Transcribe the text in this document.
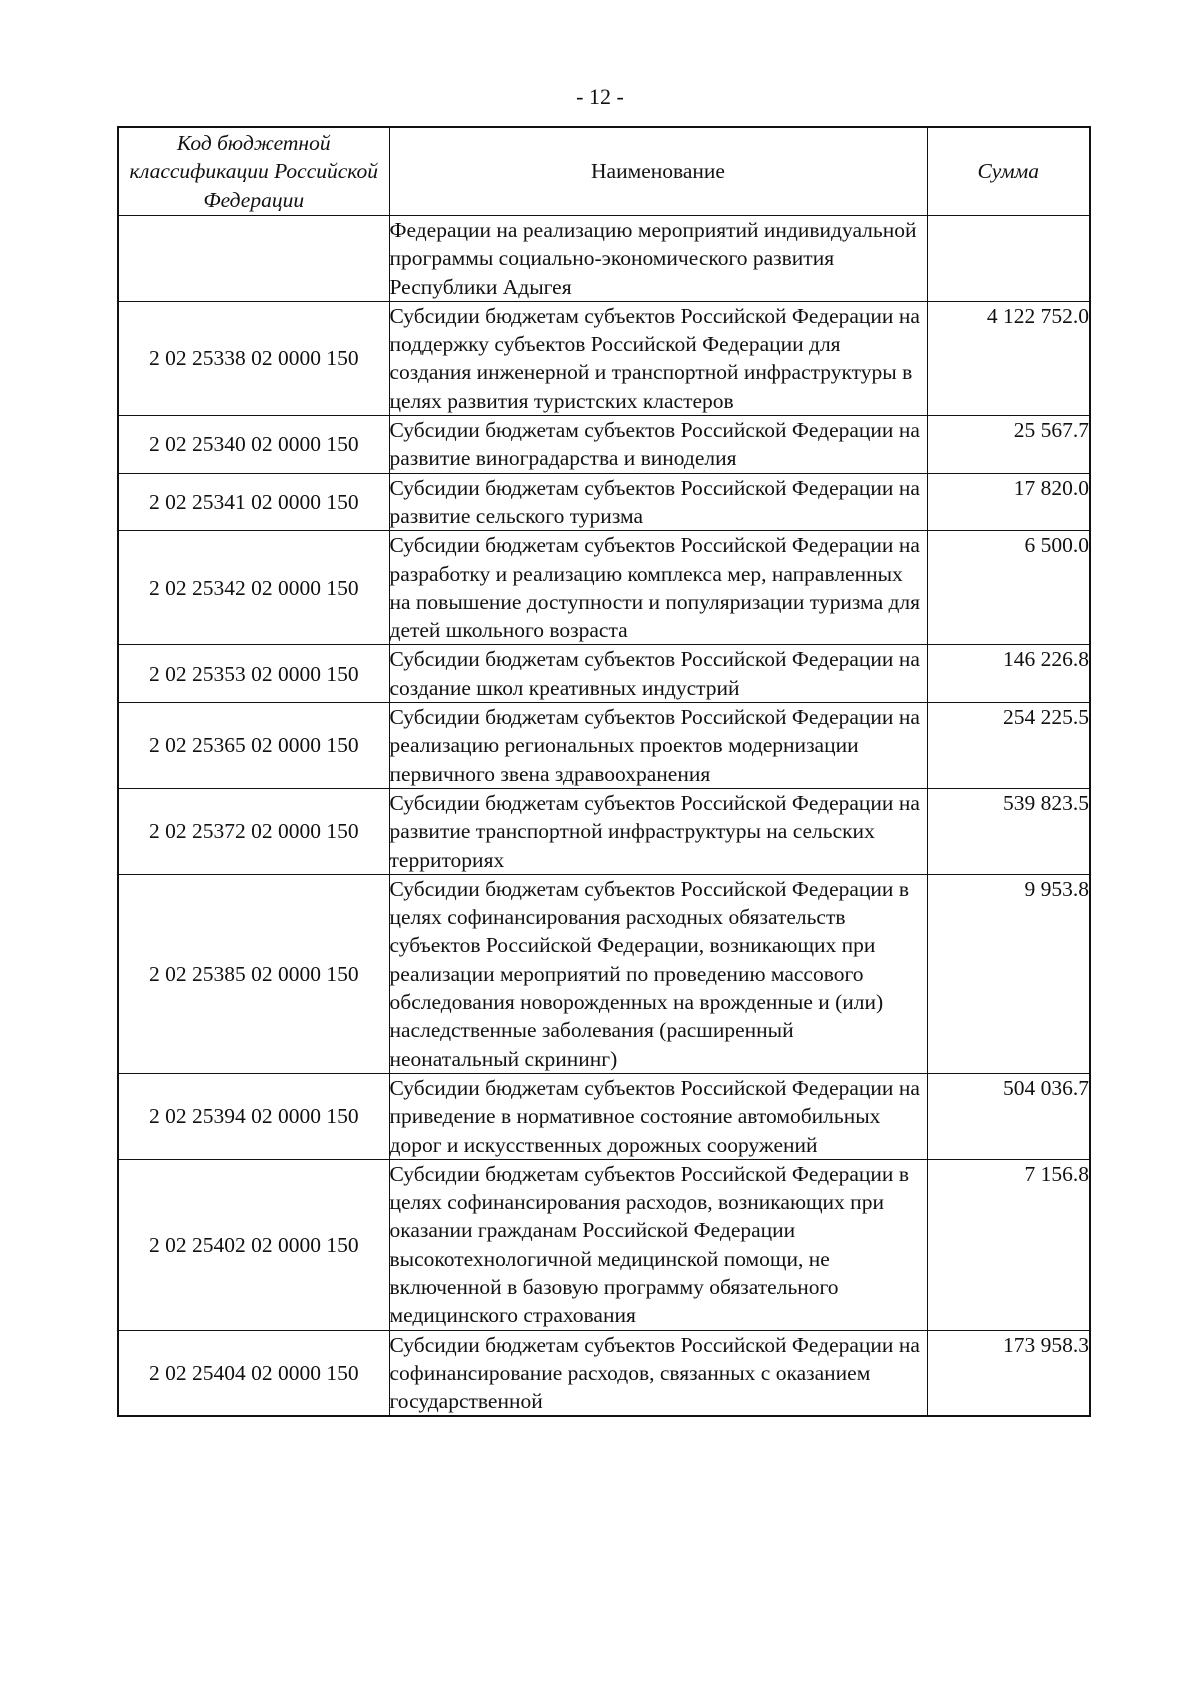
- 12 -
Код бюджетной классификации Российской Федерации	Наименование	Сумма
	Федерации на реализацию мероприятий индивидуальной программы социально-экономического развития Республики Адыгея	
2 02 25338 02 0000 150	Субсидии бюджетам субъектов Российской Федерации на поддержку субъектов Российской Федерации для создания инженерной и транспортной инфраструктуры в целях развития туристских кластеров	4 122 752.0
2 02 25340 02 0000 150	Субсидии бюджетам субъектов Российской Федерации на развитие виноградарства и виноделия	25 567.7
2 02 25341 02 0000 150	Субсидии бюджетам субъектов Российской Федерации на развитие сельского туризма	17 820.0
2 02 25342 02 0000 150	Субсидии бюджетам субъектов Российской Федерации на разработку и реализацию комплекса мер, направленных на повышение доступности и популяризации туризма для детей школьного возраста	6 500.0
2 02 25353 02 0000 150	Субсидии бюджетам субъектов Российской Федерации на создание школ креативных индустрий	146 226.8
2 02 25365 02 0000 150	Субсидии бюджетам субъектов Российской Федерации на реализацию региональных проектов модернизации первичного звена здравоохранения	254 225.5
2 02 25372 02 0000 150	Субсидии бюджетам субъектов Российской Федерации на развитие транспортной инфраструктуры на сельских территориях	539 823.5
2 02 25385 02 0000 150	Субсидии бюджетам субъектов Российской Федерации в целях софинансирования расходных обязательств субъектов Российской Федерации, возникающих при реализации мероприятий по проведению массового обследования новорожденных на врожденные и (или) наследственные заболевания (расширенный неонатальный скрининг)	9 953.8
2 02 25394 02 0000 150	Субсидии бюджетам субъектов Российской Федерации на приведение в нормативное состояние автомобильных дорог и искусственных дорожных сооружений	504 036.7
2 02 25402 02 0000 150	Субсидии бюджетам субъектов Российской Федерации в целях софинансирования расходов, возникающих при оказании гражданам Российской Федерации высокотехнологичной медицинской помощи, не включенной в базовую программу обязательного медицинского страхования	7 156.8
2 02 25404 02 0000 150	Субсидии бюджетам субъектов Российской Федерации на софинансирование расходов, связанных с оказанием государственной	173 958.3
